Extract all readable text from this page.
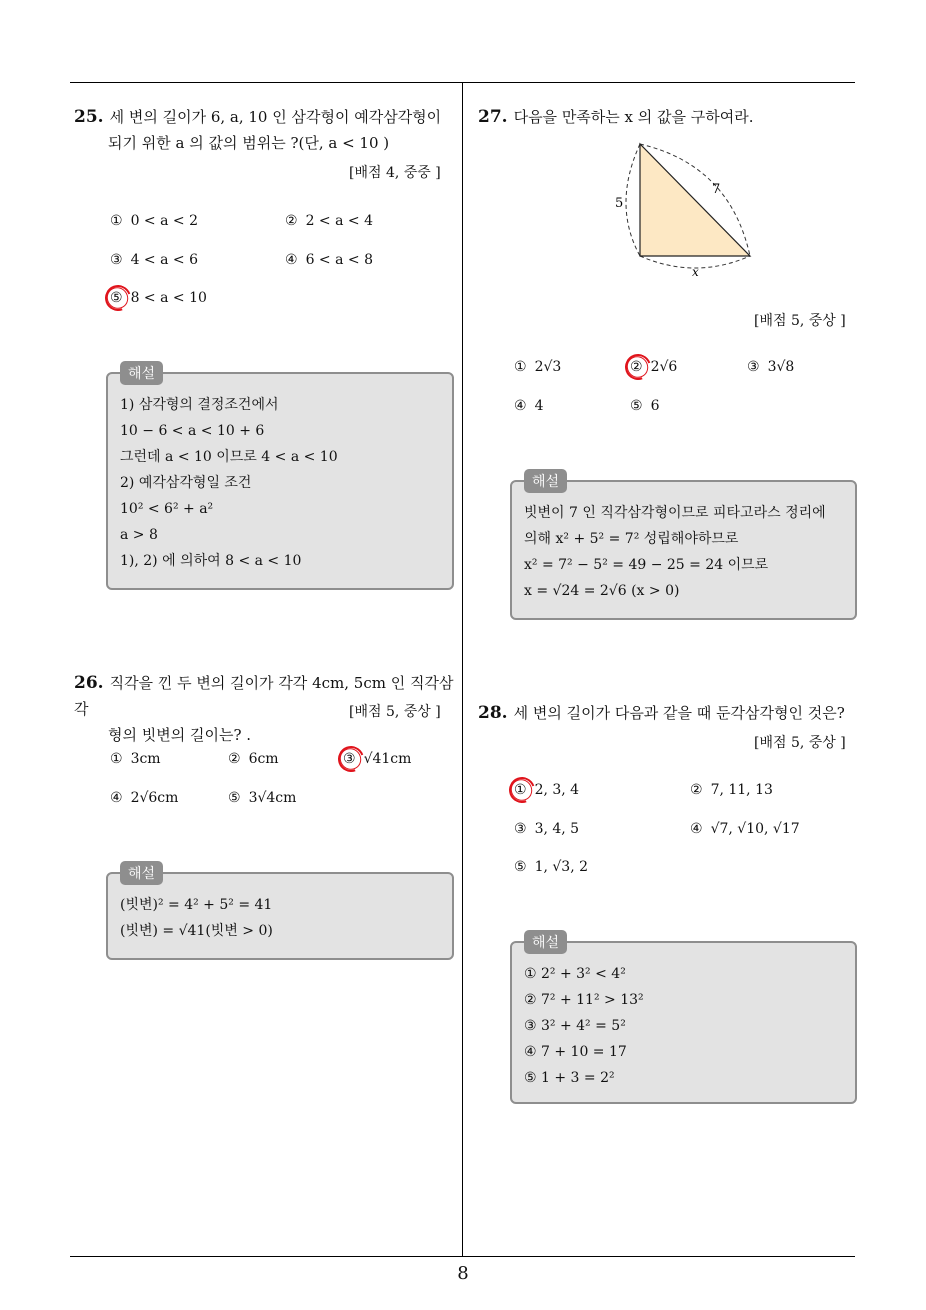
25. 세 변의 길이가 6, a, 10 인 삼각형이 예각삼각형이
되기 위한 a 의 값의 범위는 ?(단, a < 10 )
[배점 4, 중중 ]
① 0 < a < 2	② 2 < a < 4
③ 4 < a < 6	④ 6 < a < 8
⑤ 8 < a < 10
해설
1) 삼각형의 결정조건에서
10 − 6 < a < 10 + 6
그런데 a < 10 이므로 4 < a < 10
2) 예각삼각형일 조건
10² < 6² + a²
a > 8
1), 2) 에 의하여 8 < a < 10
26. 직각을 낀 두 변의 길이가 각각 4cm, 5cm 인 직각삼각
형의 빗변의 길이는? .
[배점 5, 중상 ]
① 3cm	② 6cm	③ √41cm
④ 2√6cm	⑤ 3√4cm
해설
(빗변)² = 4² + 5² = 41
(빗변) = √41(빗변 > 0)
27. 다음을 만족하는 x 의 값을 구하여라.
5
7
x
[배점 5, 중상 ]
① 2√3	② 2√6	③ 3√8
④ 4	⑤ 6
해설
빗변이 7 인 직각삼각형이므로 피타고라스 정리에
의해 x² + 5² = 7² 성립해야하므로
x² = 7² − 5² = 49 − 25 = 24 이므로
x = √24 = 2√6 (x > 0)
28. 세 변의 길이가 다음과 같을 때 둔각삼각형인 것은?
[배점 5, 중상 ]
① 2, 3, 4	② 7, 11, 13
③ 3, 4, 5	④ √7, √10, √17
⑤ 1, √3, 2
해설
① 2² + 3² < 4²
② 7² + 11² > 13²
③ 3² + 4² = 5²
④ 7 + 10 = 17
⑤ 1 + 3 = 2²
8
